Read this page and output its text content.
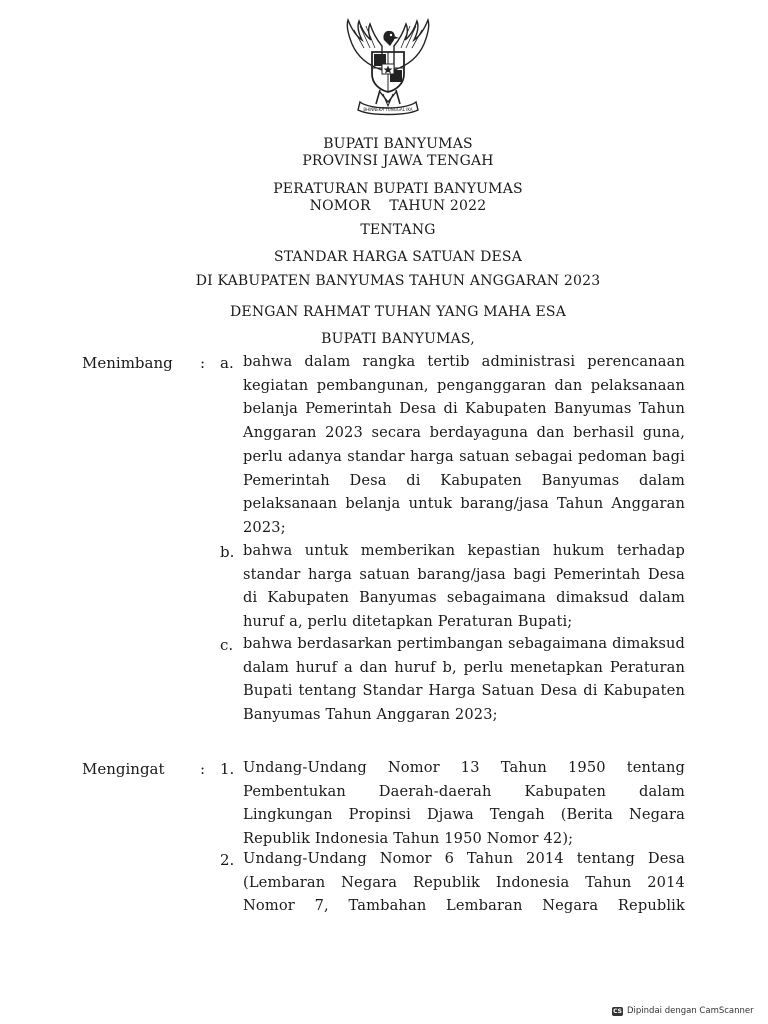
BHINNEKA TUNGGAL IKA
BUPATI BANYUMAS
PROVINSI JAWA TENGAH
PERATURAN BUPATI BANYUMAS
NOMOR    TAHUN 2022
TENTANG
STANDAR HARGA SATUAN DESA
DI KABUPATEN BANYUMAS TAHUN ANGGARAN 2023
DENGAN RAHMAT TUHAN YANG MAHA ESA
BUPATI BANYUMAS,
Menimbang : a. bahwa dalam rangka tertib administrasi perencanaan kegiatan pembangunan, penganggaran dan pelaksanaan belanja Pemerintah Desa di Kabupaten Banyumas Tahun Anggaran 2023 secara berdayaguna dan berhasil guna, perlu adanya standar harga satuan sebagai pedoman bagi Pemerintah Desa di Kabupaten Banyumas dalam pelaksanaan belanja untuk barang/jasa Tahun Anggaran 2023;

b. bahwa untuk memberikan kepastian hukum terhadap standar harga satuan barang/jasa bagi Pemerintah Desa di Kabupaten Banyumas sebagaimana dimaksud dalam huruf a, perlu ditetapkan Peraturan Bupati;

c. bahwa berdasarkan pertimbangan sebagaimana dimaksud dalam huruf a dan huruf b, perlu menetapkan Peraturan Bupati tentang Standar Harga Satuan Desa di Kabupaten Banyumas Tahun Anggaran 2023;

Mengingat : 1. Undang-Undang Nomor 13 Tahun 1950 tentang Pembentukan Daerah-daerah Kabupaten dalam Lingkungan Propinsi Djawa Tengah (Berita Negara Republik Indonesia Tahun 1950 Nomor 42);

2. Undang-Undang Nomor 6 Tahun 2014 tentang Desa (Lembaran Negara Republik Indonesia Tahun 2014 Nomor 7, Tambahan Lembaran Negara Republik

CS Dipindai dengan CamScanner
